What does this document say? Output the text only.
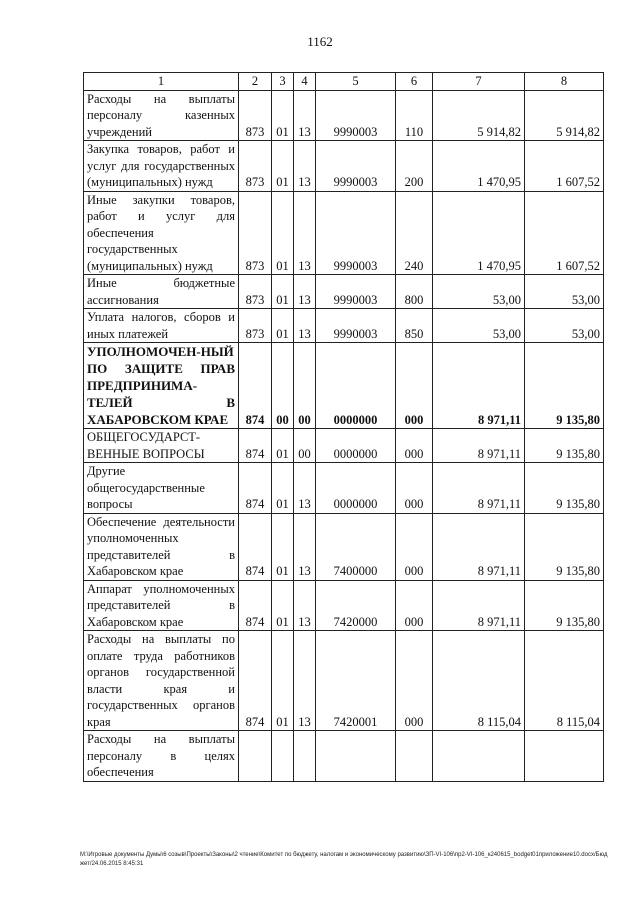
1162
1	2	3	4	5	6	7	8
Расходы на выплаты персоналу казенных учреждений	873	01	13	9990003	110	5 914,82	5 914,82
Закупка товаров, работ и услуг для государственных (муниципальных) нужд	873	01	13	9990003	200	1 470,95	1 607,52
Иные закупки товаров, работ и услуг для обеспечения государственных (муниципальных) нужд	873	01	13	9990003	240	1 470,95	1 607,52
Иные бюджетные ассигнования	873	01	13	9990003	800	53,00	53,00
Уплата налогов, сборов и иных платежей	873	01	13	9990003	850	53,00	53,00
УПОЛНОМОЧЕН-НЫЙ ПО ЗАЩИТЕ ПРАВ ПРЕДПРИНИМА-ТЕЛЕЙ В ХАБАРОВСКОМ КРАЕ	874	00	00	0000000	000	8 971,11	9 135,80
ОБЩЕГОСУДАРСТ-ВЕННЫЕ ВОПРОСЫ	874	01	00	0000000	000	8 971,11	9 135,80
Другие общегосударственные вопросы	874	01	13	0000000	000	8 971,11	9 135,80
Обеспечение деятельности уполномоченных представителей в Хабаровском крае	874	01	13	7400000	000	8 971,11	9 135,80
Аппарат уполномоченных представителей в Хабаровском крае	874	01	13	7420000	000	8 971,11	9 135,80
Расходы на выплаты по оплате труда работников органов государственной власти края и государственных органов края	874	01	13	7420001	000	8 115,04	8 115,04
Расходы на выплаты персоналу в целях обеспечения							
M:\Игровые документы Думы\6 созыв\Проекты\Законы\2 чтение\Комитет по бюджету, налогам и экономическому развитию\ЗП-VI-106\пр2-VI-106_к240615_bodget01приложение10.docx/Бюджет/24.06.2015 8:45:31
